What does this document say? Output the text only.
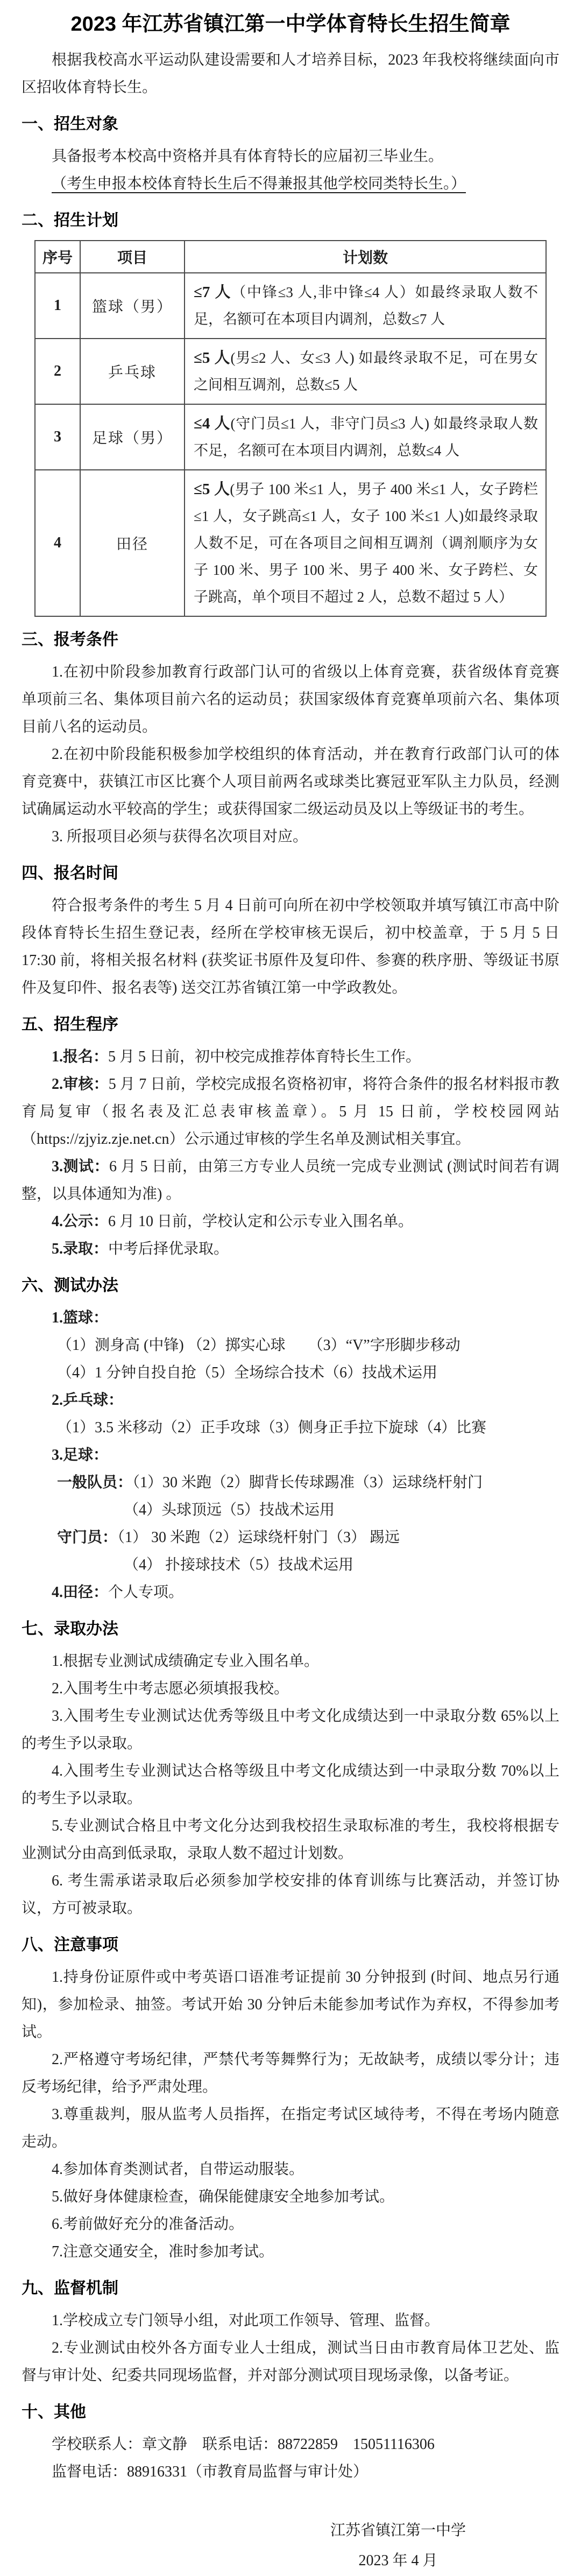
2023 年江苏省镇江第一中学体育特长生招生简章

根据我校高水平运动队建设需要和人才培养目标，2023 年我校将继续面向市区招收体育特长生。

一、招生对象

具备报考本校高中资格并具有体育特长的应届初三毕业生。

（考生申报本校体育特长生后不得兼报其他学校同类特长生。）

二、招生计划
序号	项目	计划数
1	篮球（男）	≤7 人（中锋≤3 人,非中锋≤4 人）如最终录取人数不足，名额可在本项目内调剂，总数≤7 人
2	乒乓球	≤5 人(男≤2 人、女≤3 人) 如最终录取不足，可在男女之间相互调剂，总数≤5 人
3	足球（男）	≤4 人(守门员≤1 人，非守门员≤3 人) 如最终录取人数不足，名额可在本项目内调剂，总数≤4 人
4	田径	≤5 人(男子 100 米≤1 人，男子 400 米≤1 人，女子跨栏≤1 人，女子跳高≤1 人，女子 100 米≤1 人)如最终录取人数不足，可在各项目之间相互调剂（调剂顺序为女子 100 米、男子 100 米、男子 400 米、女子跨栏、女子跳高，单个项目不超过 2 人，总数不超过 5 人）
三、报考条件

1.在初中阶段参加教育行政部门认可的省级以上体育竞赛，获省级体育竞赛单项前三名、集体项目前六名的运动员；获国家级体育竞赛单项前六名、集体项目前八名的运动员。

2.在初中阶段能积极参加学校组织的体育活动，并在教育行政部门认可的体育竞赛中，获镇江市区比赛个人项目前两名或球类比赛冠亚军队主力队员，经测试确属运动水平较高的学生；或获得国家二级运动员及以上等级证书的考生。

3. 所报项目必须与获得名次项目对应。

四、报名时间

符合报考条件的考生 5 月 4 日前可向所在初中学校领取并填写镇江市高中阶段体育特长生招生登记表，经所在学校审核无误后，初中校盖章，于 5 月 5 日 17:30 前，将相关报名材料 (获奖证书原件及复印件、参赛的秩序册、等级证书原件及复印件、报名表等) 送交江苏省镇江第一中学政教处。

五、招生程序

1.报名：5 月 5 日前，初中校完成推荐体育特长生工作。

2.审核：5 月 7 日前，学校完成报名资格初审，将符合条件的报名材料报市教育局复审（报名表及汇总表审核盖章）。5 月 15 日前，学校校园网站（https://zjyiz.zje.net.cn）公示通过审核的学生名单及测试相关事宜。

3.测试：6 月 5 日前，由第三方专业人员统一完成专业测试 (测试时间若有调整，以具体通知为准) 。

4.公示：6 月 10 日前，学校认定和公示专业入围名单。

5.录取：中考后择优录取。

六、测试办法

1.篮球：

（1）测身高 (中锋) （2）掷实心球　　（3）“V”字形脚步移动

（4）1 分钟自投自抢（5）全场综合技术（6）技战术运用

2.乒乓球：

（1）3.5 米移动（2）正手攻球（3）侧身正手拉下旋球（4）比赛

3.足球：

一般队员：（1）30 米跑（2）脚背长传球踢准（3）运球绕杆射门

（4）头球顶远（5）技战术运用

守门员：（1） 30 米跑（2）运球绕杆射门（3） 踢远

（4） 扑接球技术（5）技战术运用

4.田径：个人专项。

七、录取办法

1.根据专业测试成绩确定专业入围名单。

2.入围考生中考志愿必须填报我校。

3.入围考生专业测试达优秀等级且中考文化成绩达到一中录取分数 65%以上的考生予以录取。

4.入围考生专业测试达合格等级且中考文化成绩达到一中录取分数 70%以上的考生予以录取。

5.专业测试合格且中考文化分达到我校招生录取标准的考生，我校将根据专业测试分由高到低录取，录取人数不超过计划数。

6. 考生需承诺录取后必须参加学校安排的体育训练与比赛活动，并签订协议，方可被录取。

八、注意事项

1.持身份证原件或中考英语口语准考证提前 30 分钟报到 (时间、地点另行通知)，参加检录、抽签。考试开始 30 分钟后未能参加考试作为弃权，不得参加考试。

2.严格遵守考场纪律，严禁代考等舞弊行为；无故缺考，成绩以零分计；违反考场纪律，给予严肃处理。

3.尊重裁判，服从监考人员指挥，在指定考试区域待考，不得在考场内随意走动。

4.参加体育类测试者，自带运动服装。

5.做好身体健康检查，确保能健康安全地参加考试。

6.考前做好充分的准备活动。

7.注意交通安全，准时参加考试。

九、监督机制

1.学校成立专门领导小组，对此项工作领导、管理、监督。

2.专业测试由校外各方面专业人士组成，测试当日由市教育局体卫艺处、监督与审计处、纪委共同现场监督，并对部分测试项目现场录像，以备考证。

十、其他

学校联系人：章文静　联系电话：88722859　15051116306

监督电话：88916331（市教育局监督与审计处）

江苏省镇江第一中学
2023 年 4 月
